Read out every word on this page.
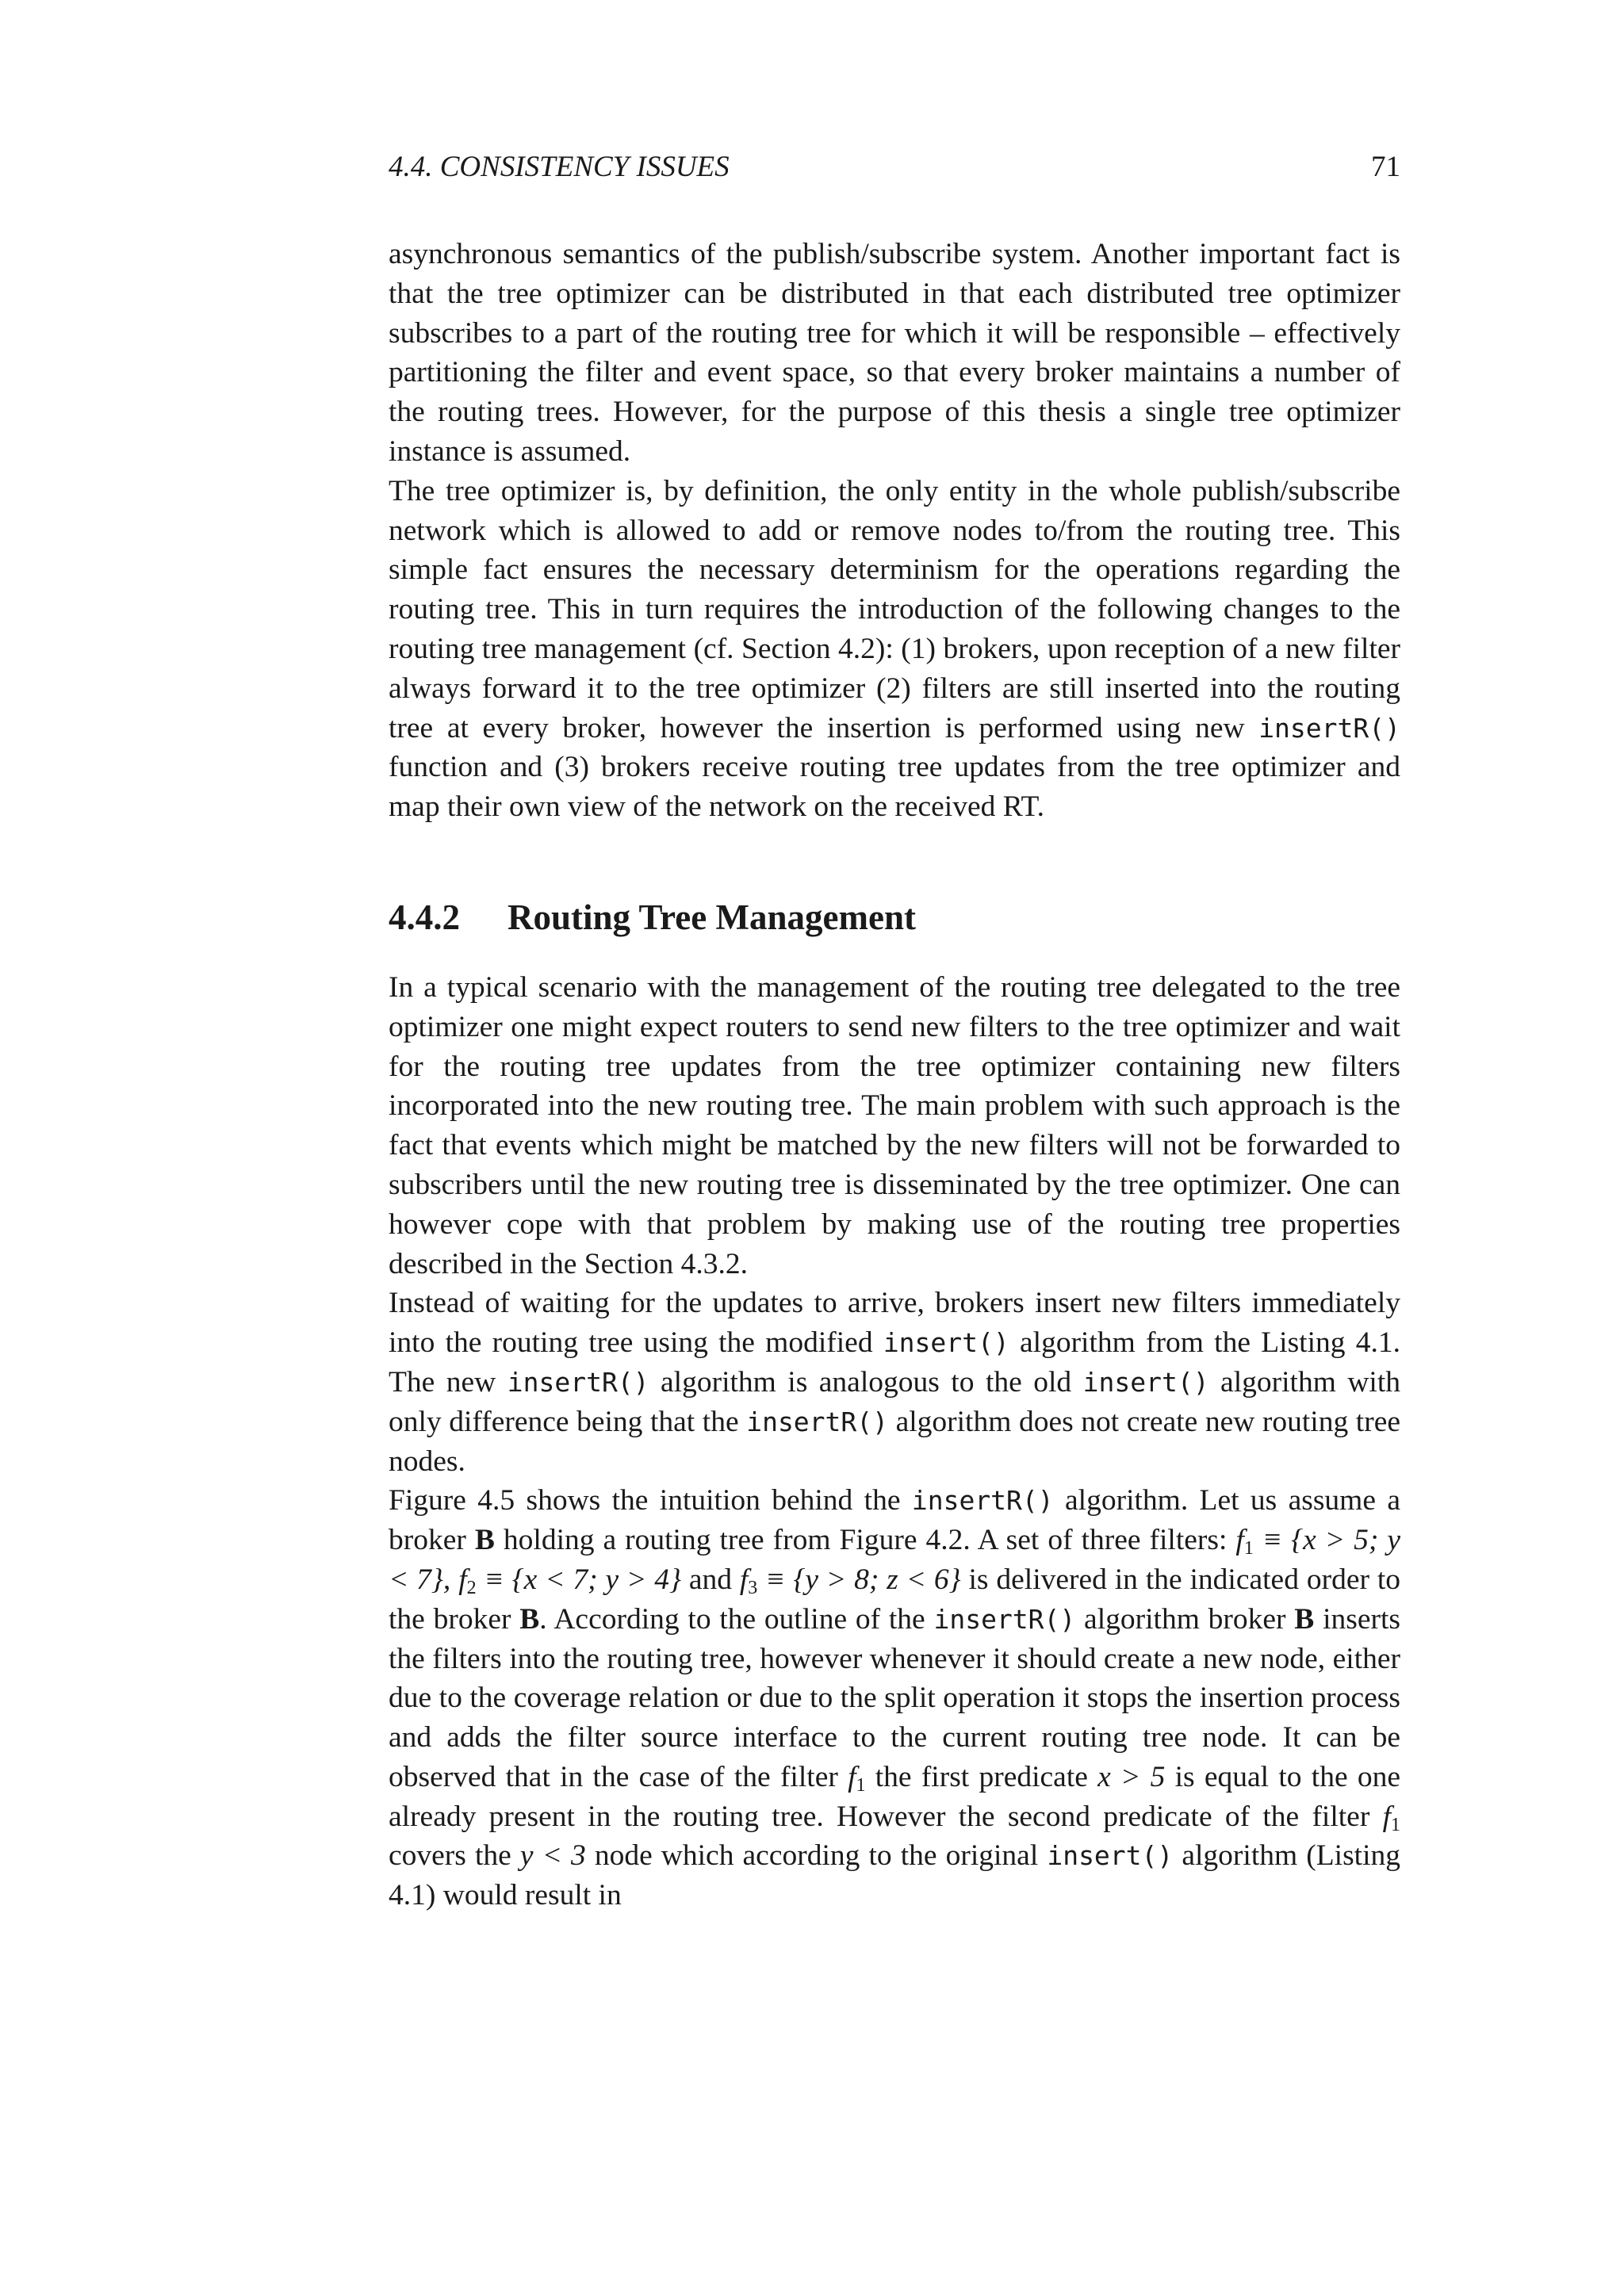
4.4. CONSISTENCY ISSUES	71

asynchronous semantics of the publish/subscribe system. Another important fact is that the tree optimizer can be distributed in that each distributed tree optimizer subscribes to a part of the routing tree for which it will be responsible – effectively partitioning the filter and event space, so that every broker maintains a number of the routing trees. However, for the purpose of this thesis a single tree optimizer instance is assumed.

The tree optimizer is, by definition, the only entity in the whole publish/subscribe network which is allowed to add or remove nodes to/from the routing tree. This simple fact ensures the necessary determinism for the operations regarding the routing tree. This in turn requires the introduction of the following changes to the routing tree management (cf. Section 4.2): (1) brokers, upon reception of a new filter always forward it to the tree optimizer (2) filters are still inserted into the routing tree at every broker, however the insertion is performed using new insertR() function and (3) brokers receive routing tree updates from the tree optimizer and map their own view of the network on the received RT.

4.4.2 Routing Tree Management

In a typical scenario with the management of the routing tree delegated to the tree optimizer one might expect routers to send new filters to the tree optimizer and wait for the routing tree updates from the tree optimizer containing new filters incorporated into the new routing tree. The main problem with such approach is the fact that events which might be matched by the new filters will not be forwarded to subscribers until the new routing tree is disseminated by the tree optimizer. One can however cope with that problem by making use of the routing tree properties described in the Section 4.3.2.

Instead of waiting for the updates to arrive, brokers insert new filters immediately into the routing tree using the modified insert() algorithm from the Listing 4.1. The new insertR() algorithm is analogous to the old insert() algorithm with only difference being that the insertR() algorithm does not create new routing tree nodes.

Figure 4.5 shows the intuition behind the insertR() algorithm. Let us assume a broker B holding a routing tree from Figure 4.2. A set of three filters: $f_1 \equiv \{x > 5$; y < 7}, $f_2 \equiv \{x < 7$; y > 4} and $f_3 \equiv \{y > 8$; z < 6} is delivered in the indicated order to the broker B. According to the outline of the insertR() algorithm broker B inserts the filters into the routing tree, however whenever it should create a new node, either due to the coverage relation or due to the split operation it stops the insertion process and adds the filter source interface to the current routing tree node. It can be observed that in the case of the filter $f_1$ the first predicate x > 5 is equal to the one already present in the routing tree. However the second predicate of the filter $f_1$ covers the y < 3 node which according to the original insert() algorithm (Listing 4.1) would result in
